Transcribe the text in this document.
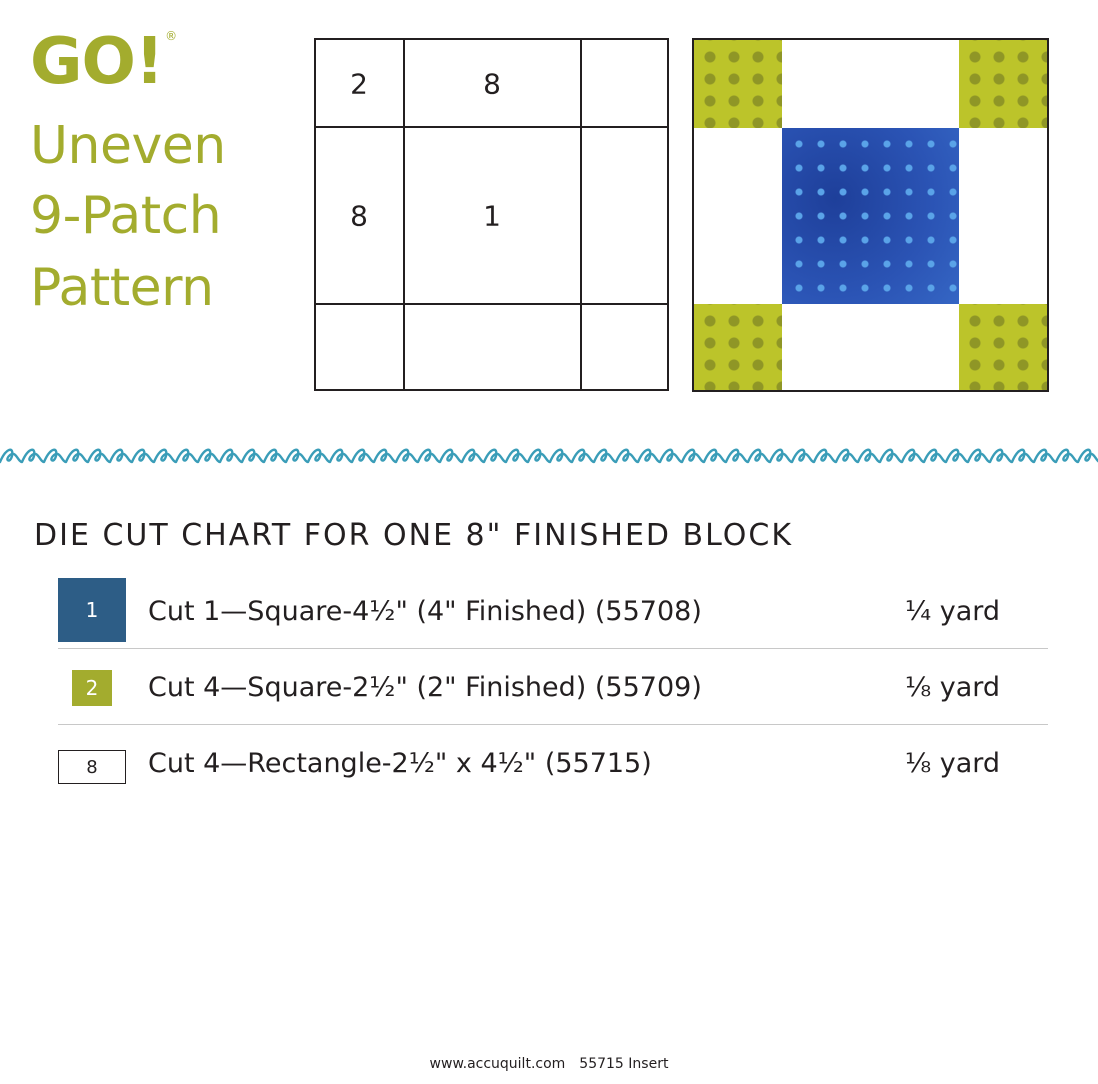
GO! ®
Uneven
9-Patch
Pattern
2	8
8	1
DIE CUT CHART FOR ONE 8" FINISHED BLOCK
1	Cut 1—Square-4½" (4" Finished) (55708)	¼ yard
2	Cut 4—Square-2½" (2" Finished) (55709)	⅛ yard
8	Cut 4—Rectangle-2½" x 4½" (55715)	⅛ yard
www.accuquilt.com 55715 Insert
